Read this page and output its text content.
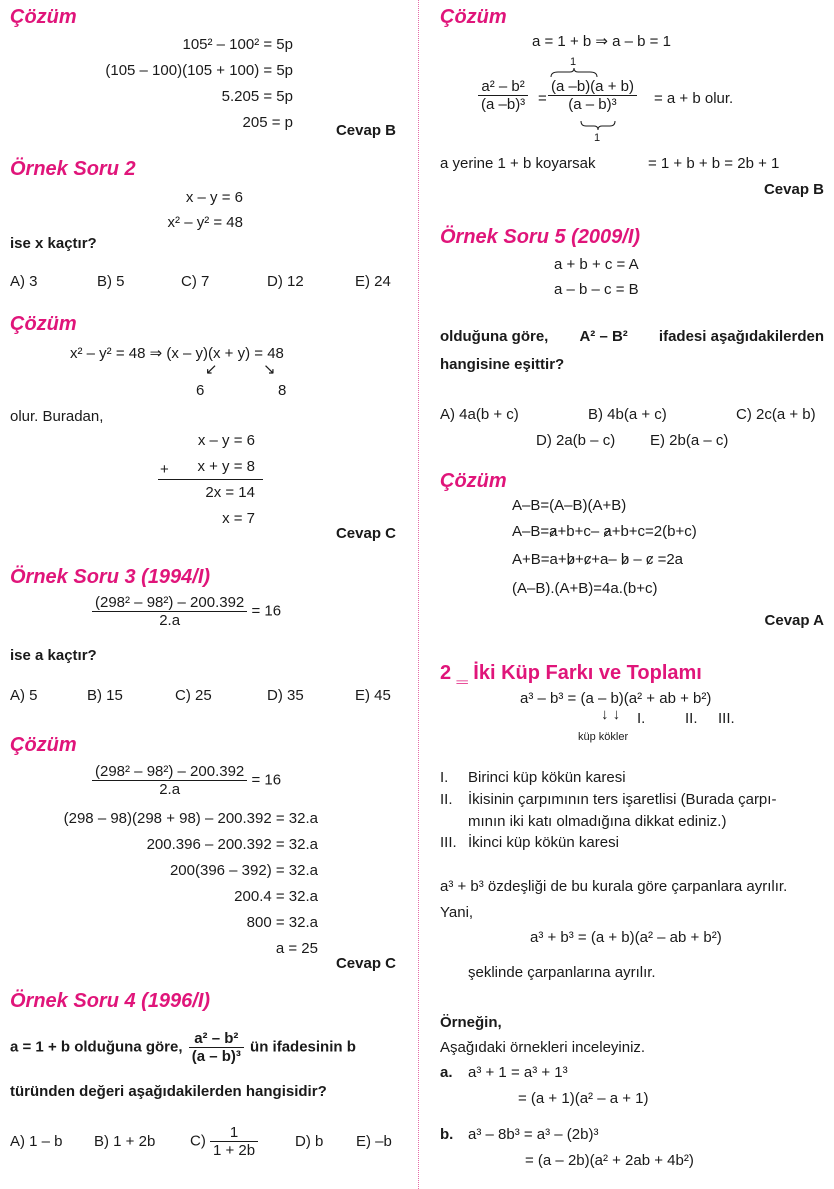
Çözüm
105² – 100² = 5p
(105 – 100)(105 + 100) = 5p
5.205 = 5p
205 = p	Cevap B
Örnek Soru 2
x – y = 6
x² – y² = 48
ise x kaçtır?
A) 3	B) 5	C) 7	D) 12	E) 24
Çözüm
x² – y² = 48 ⇒ (x – y)(x + y) = 48
↙	↘
6	8
olur. Buradan,
x – y = 6
+ x + y = 8
2x = 14
x = 7
Cevap C
Örnek Soru 3 (1994/I)
$\frac{\text{(298² – 98²) – 200.392}}{2.a} = 16$
ise a kaçtır?
A) 5	B) 15	C) 25	D) 35	E) 45
Çözüm
$\frac{\text{(298² – 98²) – 200.392}}{2.a} = 16$
(298 – 98)(298 + 98) – 200.392 = 32.a
200.396 – 200.392 = 32.a
200(396 – 392) = 32.a
200.4 = 32.a
800 = 32.a
a = 25
Cevap C
Örnek Soru 4 (1996/I)
a = 1 + b olduğuna göre, $\frac{\text{a² – b²}}{\text{(a – b)³}}$ ün ifadesinin b
türünden değeri aşağıdakilerden hangisidir?
A) 1 – b B) 1 + 2b $C) \frac{1}{1 + 2b} D$) b E) –b
Çözüm
a = 1 + b ⇒ a – b = 1
1
$\frac{\text{a² – b²}}{\text{(a –b)³}} = \frac{(a -b)(a + b)}{\text{(a – b)³}}$
1
= a + b olur.
a yerine 1 + b koyarsak	= 1 + b + b = 2b + 1
Cevap B
Örnek Soru 5 (2009/I)
a + b + c = A
a – b – c = B
olduğuna göre, A² – B² ifadesi aşağıdakilerden
hangisine eşittir?
A) 4a(b + c)	B) 4b(a + c)	C) 2c(a + b)
D) 2a(b – c) E) 2b(a – c)
Çözüm
A–B=(A–B)(A+B)
A–B=a+b+c– a+b+c=2(b+c)
A+B=a+b+c+a– b – c =2a
(A–B).(A+B)=4a.(b+c)
Cevap A
2 ‗ İki Küp Farkı ve Toplamı
a³ – b³ = (a – b)(a² + ab + b²)
↓ ↓ I.	II. III.
küp kökler
I. Birinci küp kökün karesi
II. İkisinin çarpımının ters işaretlisi (Burada çarpı-
mının iki katı olmadığına dikkat ediniz.)
III. İkinci küp kökün karesi
a³ + b³ özdeşliği de bu kurala göre çarpanlara ayrılır.
Yani,
a³ + b³ = (a + b)(a² – ab + b²)
şeklinde çarpanlarına ayrılır.
Örneğin,
Aşağıdaki örnekleri inceleyiniz.
a. a³ + 1 = a³ + 1³
= (a + 1)(a² – a + 1)
b. a³ – 8b³ = a³ – (2b)³
= (a – 2b)(a² + 2ab + 4b²)
